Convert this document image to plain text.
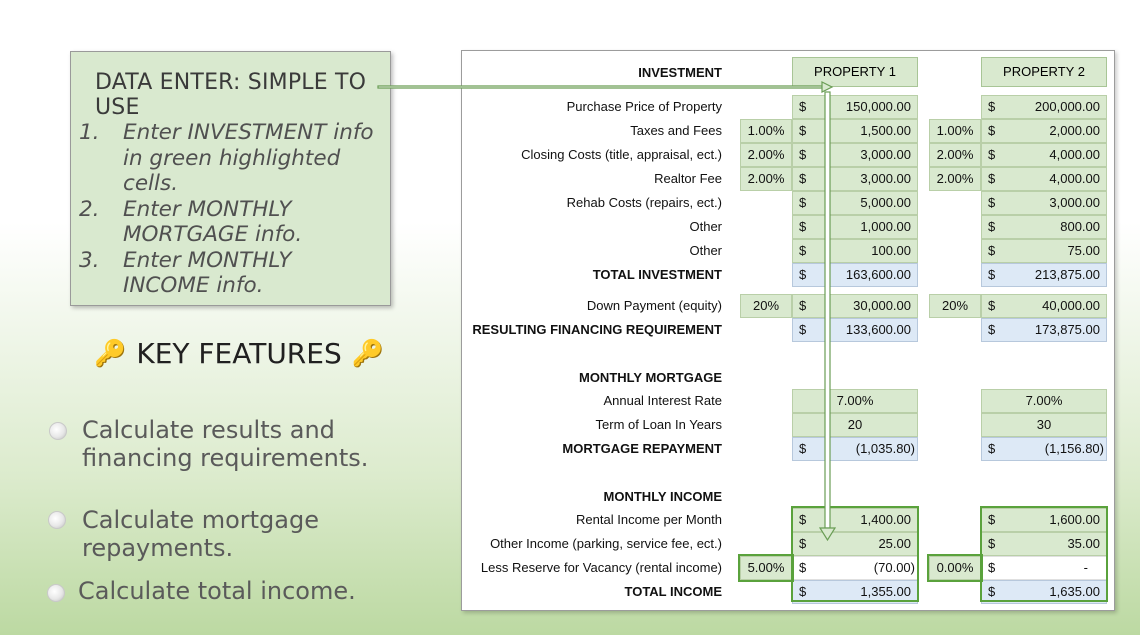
DATA ENTER: SIMPLE TO USE
1.	Enter INVESTMENT info in green highlighted cells.
2.	Enter MONTHLY MORTGAGE info.
3.	Enter MONTHLY INCOME info.
🔑 KEY FEATURES 🔑
Calculate results and financing requirements.
Calculate mortgage repayments.
Calculate total income.
INVESTMENT	PROPERTY 1	PROPERTY 2
Purchase Price of Property	$	150,000.00	$	200,000.00
Taxes and Fees	1.00%	$	1,500.00	1.00%	$	2,000.00
Closing Costs (title, appraisal, ect.)	2.00%	$	3,000.00	2.00%	$	4,000.00
Realtor Fee	2.00%	$	3,000.00	2.00%	$	4,000.00
Rehab Costs (repairs, ect.)	$	5,000.00	$	3,000.00
Other	$	1,000.00	$	800.00
Other	$	100.00	$	75.00
TOTAL INVESTMENT	$	163,600.00	$	213,875.00
Down Payment (equity)	20%	$	30,000.00	20%	$	40,000.00
RESULTING FINANCING REQUIREMENT	$	133,600.00	$	173,875.00
MONTHLY MORTGAGE
Annual Interest Rate	7.00%	7.00%
Term of Loan In Years	20	30
MORTGAGE REPAYMENT	$	(1,035.80)	$	(1,156.80)
MONTHLY INCOME
Rental Income per Month	$	1,400.00	$	1,600.00
Other Income (parking, service fee, ect.)	$	25.00	$	35.00
Less Reserve for Vacancy (rental income)	5.00%	$	(70.00)	0.00%	$	-
TOTAL INCOME	$	1,355.00	$	1,635.00
